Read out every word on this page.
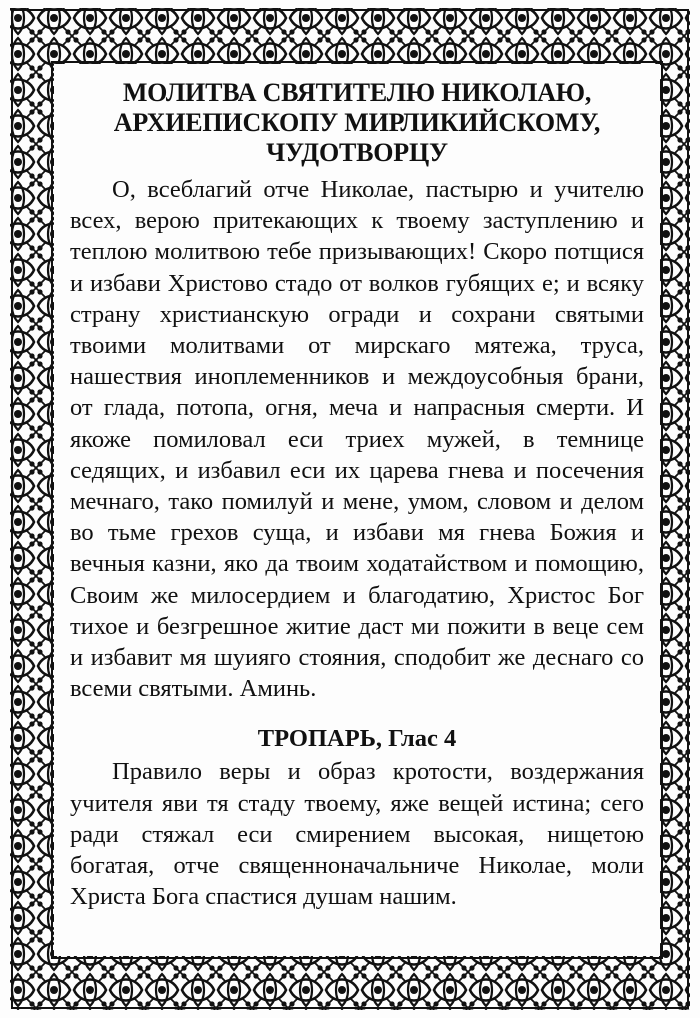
МОЛИТВА СВЯТИТЕЛЮ НИКОЛАЮ,
АРХИЕПИСКОПУ МИРЛИКИЙСКОМУ,
ЧУДОТВОРЦУ

О, всеблагий отче Николае, пастырю и учителю всех, верою притекающих к твоему заступлению и теплою молитвою тебе призывающих! Скоро потщися и избави Христово стадо от волков губящих е; и всяку страну христианскую огради и сохрани святыми твоими молитвами от мирскаго мятежа, труса, нашествия иноплеменников и междоусобныя брани, от глада, потопа, огня, меча и напрасныя смерти. И якоже помиловал еси триех мужей, в темнице седящих, и избавил еси их царева гнева и посечения мечнаго, тако помилуй и мене, умом, словом и делом во тьме грехов суща, и избави мя гнева Божия и вечныя казни, яко да твоим ходатайством и помощию, Своим же милосердием и благодатию, Христос Бог тихое и безгрешное житие даст ми пожити в веце сем и избавит мя шуияго стояния, сподобит же деснаго со всеми святыми. Аминь.

ТРОПАРЬ, Глас 4

Правило веры и образ кротости, воздержания учителя яви тя стаду твоему, яже вещей истина; сего ради стяжал еси смирением высокая, нищетою богатая, отче священноначальниче Николае, моли Христа Бога спастися душам нашим.
